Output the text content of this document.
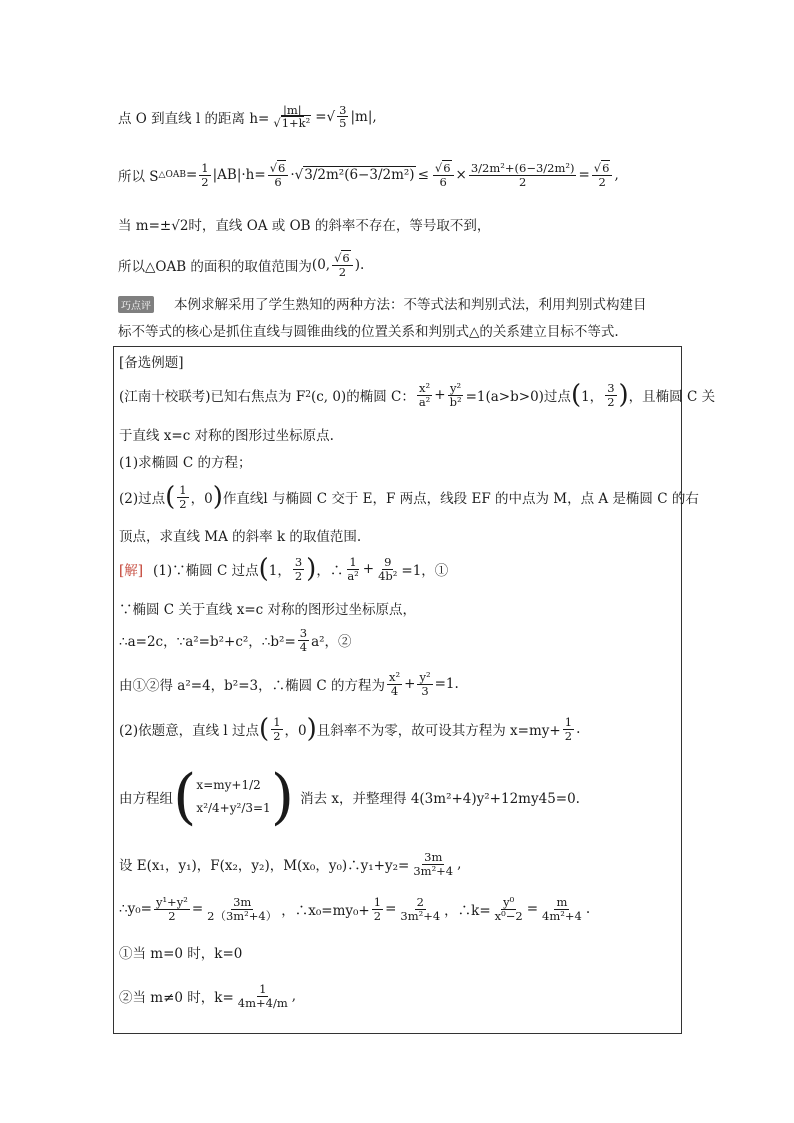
点 O 到直线 l 的距离 $h= \frac{|m|}{\text{√1+k²}}$ = √ $\frac{3}{5} |m|$,
所以 S △OAB = $\frac{1}{2} |AB|\cdot h= \frac{√6}{6} \cdot √3/2m^2(6-3/2m^2) \le \frac{√6}{6} \times \frac{\text{3/2m²+(6−3/2m²)}}{2} = \frac{√6}{2}$ ,
当 m=±√2时，直线 OA 或 OB 的斜率不存在，等号取不到，
所以△OAB 的面积的取值范围为 (0, $\frac{√6}{2}$ ).
巧点评 本例求解采用了学生熟知的两种方法：不等式法和判别式法，利用判别式构建目
标不等式的核心是抓住直线与圆锥曲线的位置关系和判别式△的关系建立目标不等式.
[备选例题]
(江南十校联考)已知右焦点为 F 2 (c, 0)的椭圆 C： $\frac{\text{x²}}{\text{a²}} + \frac{\text{y²}}{\text{b²}} =1(a>b>0)$过点 ( 1， $\frac{3}{2}$ ) ，且椭圆 C 关
于直线 x=c 对称的图形过坐标原点.
(1)求椭圆 C 的方程；
(2)过点 ( $\frac{1}{2}$ ，0 ) 作直线l 与椭圆 C 交于 E，F 两点，线段 EF 的中点为 M，点 A 是椭圆 C 的右
顶点，求直线 MA 的斜率 k 的取值范围.
[解] (1)∵椭圆 C 过点 ( 1， $\frac{3}{2}$ ) ，∴ $\frac{1}{\text{a²}} + \frac{9}{\text{4b²}} =1$，①
∵椭圆 C 关于直线 x=c 对称的图形过坐标原点，
∴a=2c，∵a²=b²+c²，∴b²= $\frac{3}{4} a^2$，②
由①②得 a²=4，b²=3，∴椭圆 C 的方程为 $\frac{\text{x²}}{4} + \frac{\text{y²}}{3} =1$.
(2)依题意，直线 l 过点 ( $\frac{1}{2}$ ，0 ) 且斜率不为零，故可设其方程为 $x=my+ \frac{1}{2}$ .
由方程组 ( x=my+1/2
x²/4+y²/3=1 ) 消去 x，并整理得 4(3m²+4)y²+12my45=0.
设 E(x₁，y₁)，F(x₂，y₂)，M(x₀，y₀)∴y₁+y₂= $\frac{3m}{\text{3m²+4}}$ ,
∴y₀= $\frac{\text{y¹+y²}}{2} = \frac{3m}{\text{2（3m²+4）}}$ ，∴x₀=my₀+ $\frac{1}{2} = \frac{2}{\text{3m²+4}}$ ，∴k= $\frac{\text{y⁰}}{\text{x⁰−2}} = \frac{m}{\text{4m²+4}}$ .
①当 m=0 时，k=0
②当 m≠0 时，$k= \frac{1}{4m+4/m}$ ,
